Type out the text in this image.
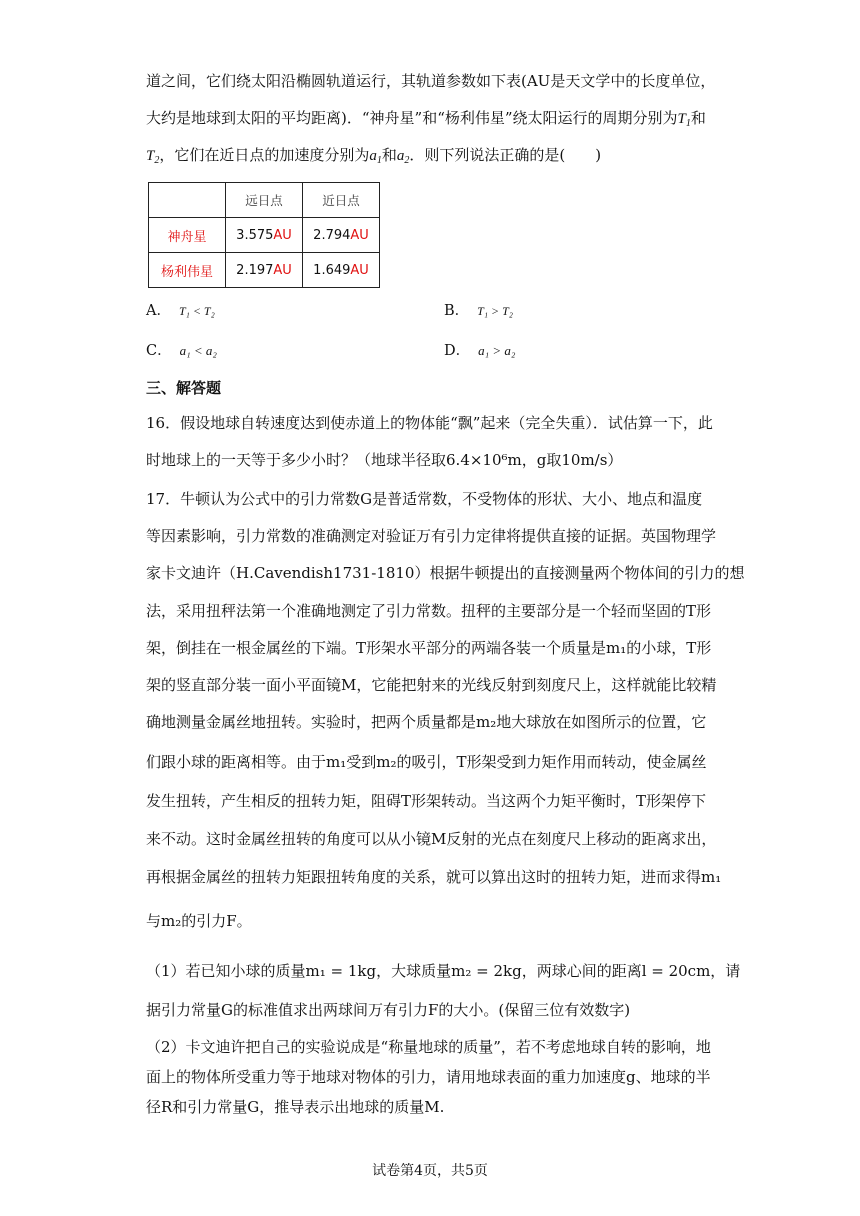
道之间，它们绕太阳沿椭圆轨道运行，其轨道参数如下表(AU是天文学中的长度单位，
大约是地球到太阳的平均距离)．“神舟星”和“杨利伟星”绕太阳运行的周期分别为$T_1$和
$T_2$，它们在近日点的加速度分别为$a_1$和$a_2$．则下列说法正确的是( )
	远日点	近日点
神舟星	3.575AU	2.794AU
杨利伟星	2.197AU	1.649AU
A． T₁ < T₂	B． T₁ > T₂
C． a₁ < a₂	D． a₁ > a₂
三、解答题
16．假设地球自转速度达到使赤道上的物体能“飘”起来（完全失重）．试估算一下，此
时地球上的一天等于多少小时？（地球半径取6.4×10⁶m，g取10m/s）
17．牛顿认为公式中的引力常数G是普适常数，不受物体的形状、大小、地点和温度
等因素影响，引力常数的准确测定对验证万有引力定律将提供直接的证据。英国物理学
家卡文迪许（H.Cavendish1731-1810）根据牛顿提出的直接测量两个物体间的引力的想
法，采用扭秤法第一个准确地测定了引力常数。扭秤的主要部分是一个轻而坚固的T形
架，倒挂在一根金属丝的下端。T形架水平部分的两端各装一个质量是m₁的小球，T形
架的竖直部分装一面小平面镜M，它能把射来的光线反射到刻度尺上，这样就能比较精
确地测量金属丝地扭转。实验时，把两个质量都是m₂地大球放在如图所示的位置，它
们跟小球的距离相等。由于m₁受到m₂的吸引，T形架受到力矩作用而转动，使金属丝
发生扭转，产生相反的扭转力矩，阻碍T形架转动。当这两个力矩平衡时，T形架停下
来不动。这时金属丝扭转的角度可以从小镜M反射的光点在刻度尺上移动的距离求出，
再根据金属丝的扭转力矩跟扭转角度的关系，就可以算出这时的扭转力矩，进而求得m₁
与m₂的引力F。
（1）若已知小球的质量m₁ = 1kg，大球质量m₂ = 2kg，两球心间的距离l = 20cm，请
据引力常量G的标准值求出两球间万有引力F的大小。(保留三位有效数字)
（2）卡文迪许把自己的实验说成是“称量地球的质量”，若不考虑地球自转的影响，地
面上的物体所受重力等于地球对物体的引力，请用地球表面的重力加速度g、地球的半
径R和引力常量G，推导表示出地球的质量M.
试卷第4页，共5页
